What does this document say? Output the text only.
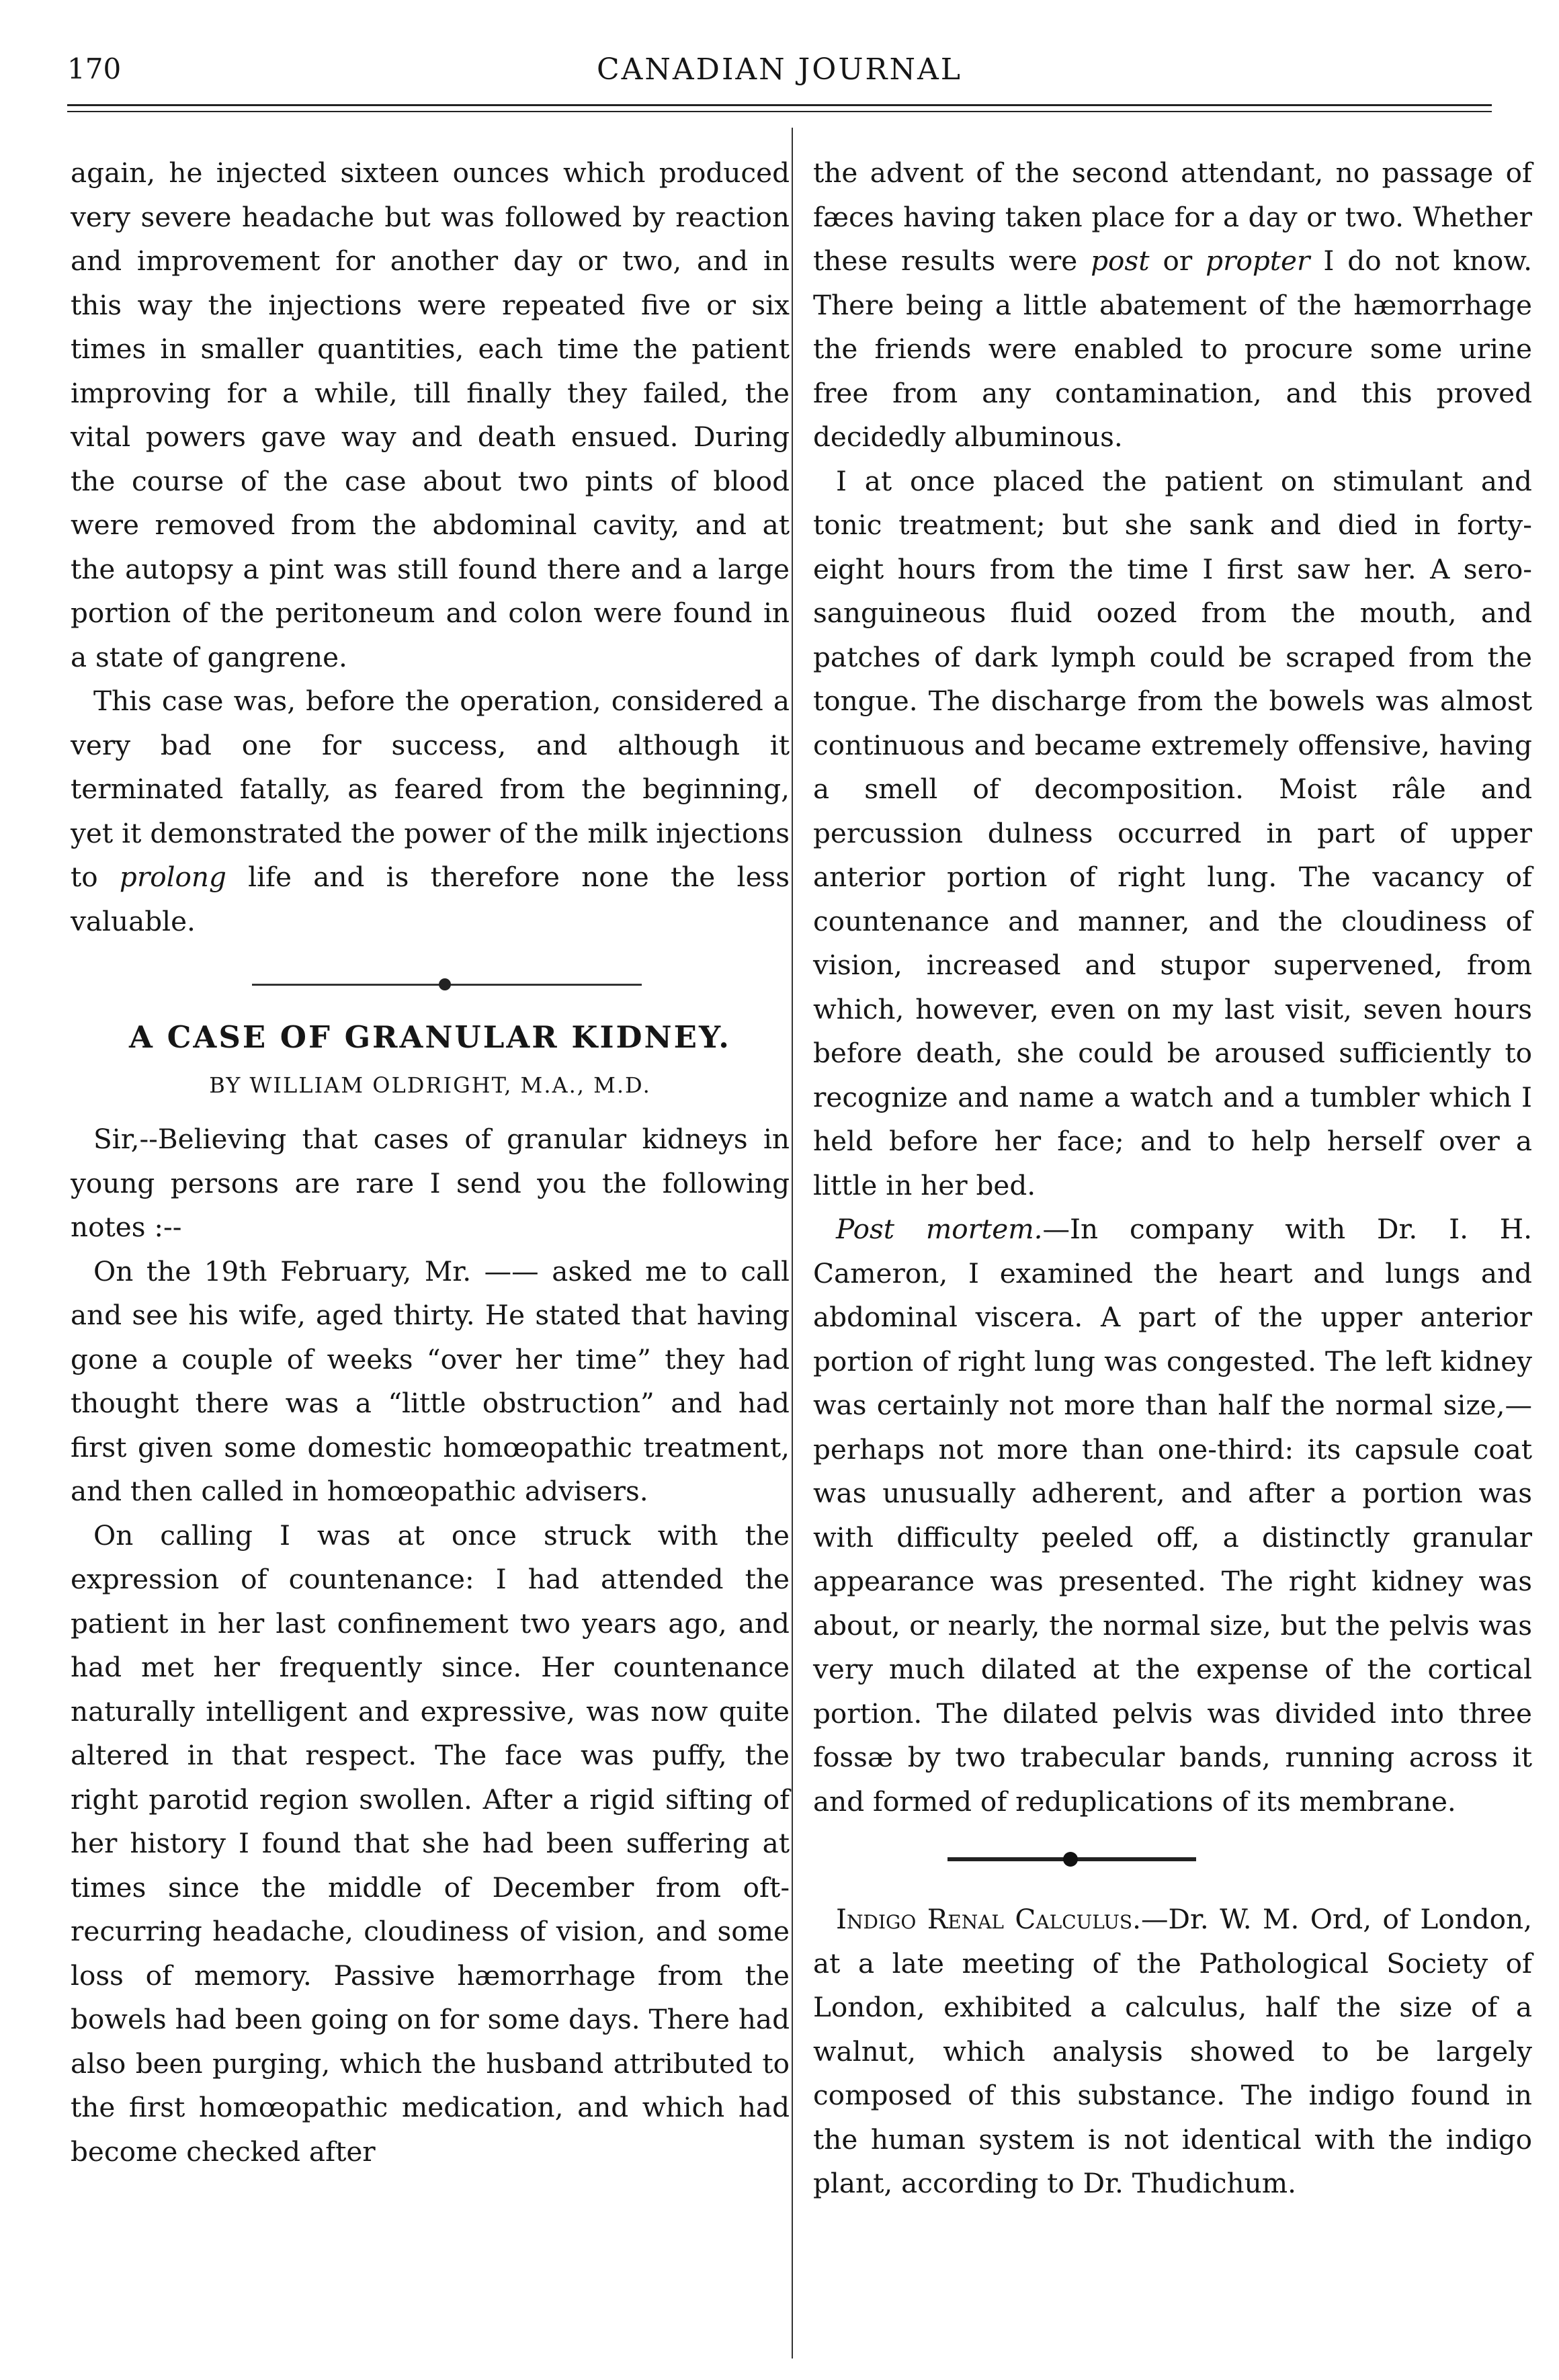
170	CANADIAN JOURNAL

again, he injected sixteen ounces which produced very severe headache but was followed by reaction and improvement for another day or two, and in this way the injections were repeated five or six times in smaller quantities, each time the patient improving for a while, till finally they failed, the vital powers gave way and death ensued. During the course of the case about two pints of blood were removed from the abdominal cavity, and at the autopsy a pint was still found there and a large portion of the peritoneum and colon were found in a state of gangrene.

This case was, before the operation, considered a very bad one for success, and although it terminated fatally, as feared from the beginning, yet it demonstrated the power of the milk injections to prolong life and is therefore none the less valuable.

A CASE OF GRANULAR KIDNEY.
BY WILLIAM OLDRIGHT, M.A., M.D.

Sir,--Believing that cases of granular kidneys in young persons are rare I send you the following notes :--

On the 19th February, Mr. —— asked me to call and see his wife, aged thirty. He stated that having gone a couple of weeks “over her time” they had thought there was a “little obstruction” and had first given some domestic homœopathic treatment, and then called in homœopathic advisers.

On calling I was at once struck with the expression of countenance: I had attended the patient in her last confinement two years ago, and had met her frequently since. Her countenance naturally intelligent and expressive, was now quite altered in that respect. The face was puffy, the right parotid region swollen. After a rigid sifting of her history I found that she had been suffering at times since the middle of December from oft-recurring headache, cloudiness of vision, and some loss of memory. Passive hæmorrhage from the bowels had been going on for some days. There had also been purging, which the husband attributed to the first homœopathic medication, and which had become checked after

the advent of the second attendant, no passage of fæces having taken place for a day or two. Whether these results were post or propter I do not know. There being a little abatement of the hæmorrhage the friends were enabled to procure some urine free from any contamination, and this proved decidedly albuminous.

I at once placed the patient on stimulant and tonic treatment; but she sank and died in forty-eight hours from the time I first saw her. A sero-sanguineous fluid oozed from the mouth, and patches of dark lymph could be scraped from the tongue. The discharge from the bowels was almost continuous and became extremely offensive, having a smell of decomposition. Moist râle and percussion dulness occurred in part of upper anterior portion of right lung. The vacancy of countenance and manner, and the cloudiness of vision, increased and stupor supervened, from which, however, even on my last visit, seven hours before death, she could be aroused sufficiently to recognize and name a watch and a tumbler which I held before her face; and to help herself over a little in her bed.

Post mortem.—In company with Dr. I. H. Cameron, I examined the heart and lungs and abdominal viscera. A part of the upper anterior portion of right lung was congested. The left kidney was certainly not more than half the normal size,—perhaps not more than one-third: its capsule coat was unusually adherent, and after a portion was with difficulty peeled off, a distinctly granular appearance was presented. The right kidney was about, or nearly, the normal size, but the pelvis was very much dilated at the expense of the cortical portion. The dilated pelvis was divided into three fossæ by two trabecular bands, running across it and formed of reduplications of its membrane.

Indigo Renal Calculus.—Dr. W. M. Ord, of London, at a late meeting of the Pathological Society of London, exhibited a calculus, half the size of a walnut, which analysis showed to be largely composed of this substance. The indigo found in the human system is not identical with the indigo plant, according to Dr. Thudichum.
